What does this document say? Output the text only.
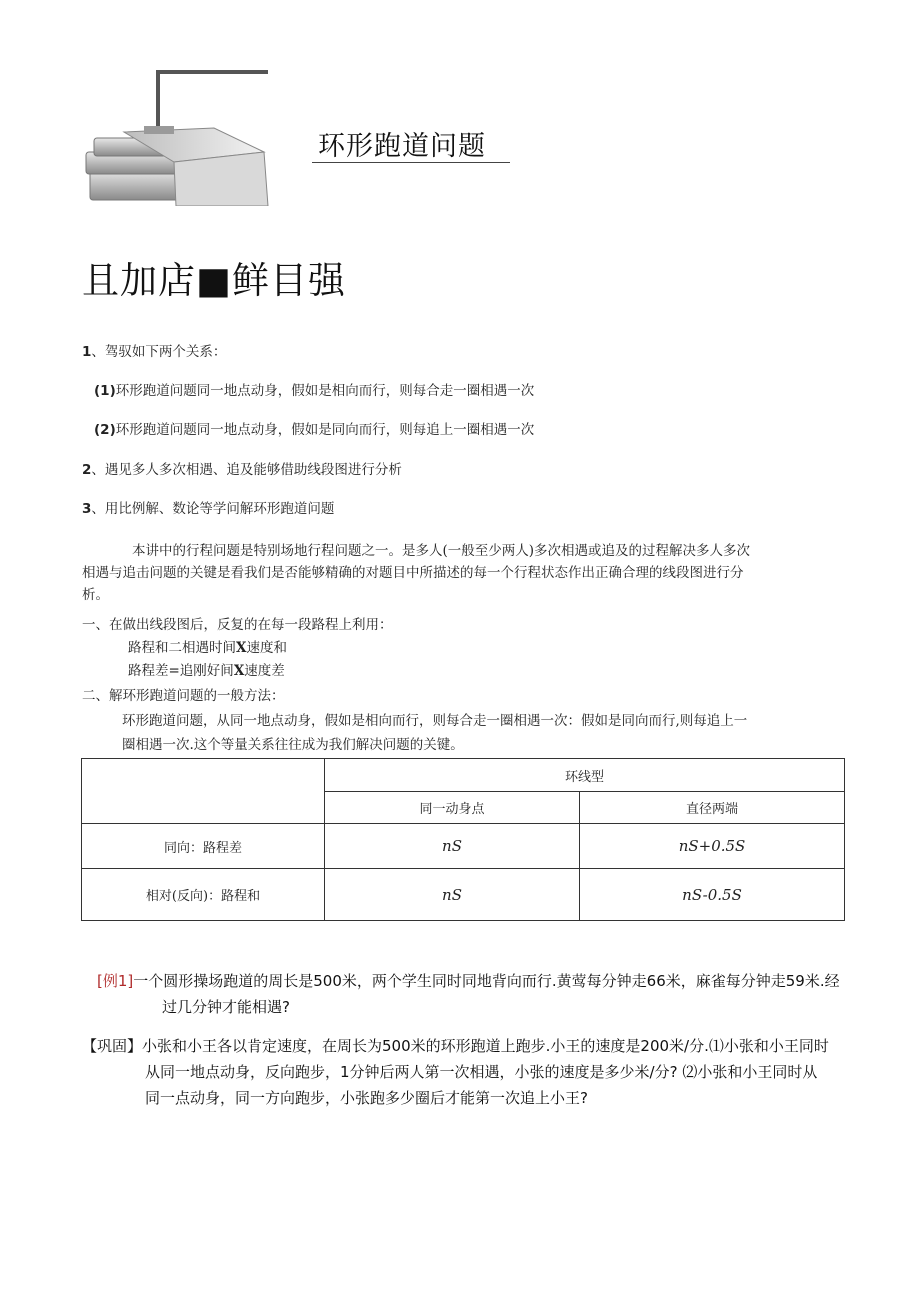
环形跑道问题
且加店■鲜目强
1、驾驭如下两个关系：
(1)环形跑道问题同一地点动身，假如是相向而行，则每合走一圈相遇一次
(2)环形跑道问题同一地点动身，假如是同向而行，则每追上一圈相遇一次
2、遇见多人多次相遇、追及能够借助线段图进行分析
3、用比例解、数论等学问解环形跑道问题
本讲中的行程问题是特别场地行程问题之一。是多人(一般至少两人)多次相遇或追及的过程解决多人多次
相遇与追击问题的关键是看我们是否能够精确的对题目中所描述的每一个行程状态作出正确合理的线段图进行分
析。
一、在做出线段图后，反复的在每一段路程上利用：
路程和二相遇时间X速度和
路程差=追刚好间X速度差
二、解环形跑道问题的一般方法：
环形跑道问题，从同一地点动身，假如是相向而行，则每合走一圈相遇一次：假如是同向而行,则每追上一
圈相遇一次.这个等量关系往往成为我们解决问题的关键。
	环线型	
	同一动身点	直径两端
同向：路程差	nS	nS+0.5S
相对(反向)：路程和	nS	nS-0.5S
[例1]一个圆形操场跑道的周长是500米，两个学生同时同地背向而行.黄莺每分钟走66米，麻雀每分钟走59米.经
过几分钟才能相遇?
【巩固】小张和小王各以肯定速度，在周长为500米的环形跑道上跑步.小王的速度是200米/分.⑴小张和小王同时
从同一地点动身，反向跑步，1分钟后两人第一次相遇，小张的速度是多少米/分? ⑵小张和小王同时从
同一点动身，同一方向跑步，小张跑多少圈后才能第一次追上小王?
